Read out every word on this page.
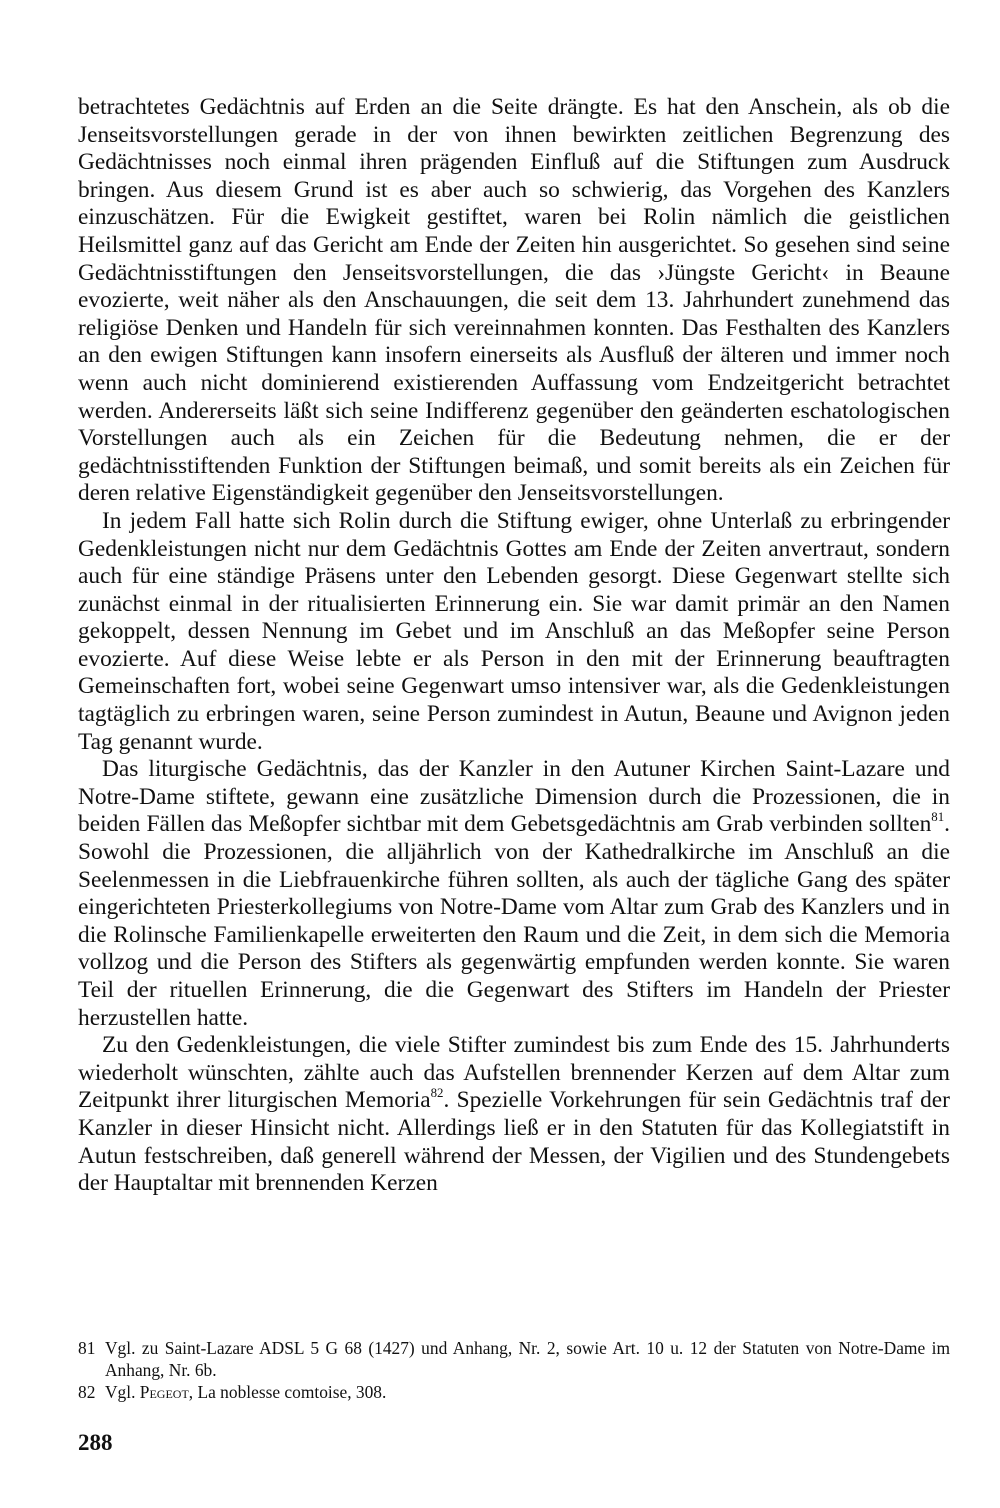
betrachtetes Gedächtnis auf Erden an die Seite drängte. Es hat den Anschein, als ob die Jenseitsvorstellungen gerade in der von ihnen bewirkten zeitlichen Begrenzung des Gedächtnisses noch einmal ihren prägenden Einfluß auf die Stiftungen zum Ausdruck bringen. Aus diesem Grund ist es aber auch so schwierig, das Vorgehen des Kanzlers einzuschätzen. Für die Ewigkeit gestiftet, waren bei Rolin nämlich die geistlichen Heilsmittel ganz auf das Gericht am Ende der Zeiten hin ausgerichtet. So gesehen sind seine Gedächtnisstiftungen den Jenseitsvorstellungen, die das ›Jüngste Gericht‹ in Beaune evozierte, weit näher als den Anschauungen, die seit dem 13. Jahrhundert zunehmend das religiöse Denken und Handeln für sich vereinnahmen konnten. Das Festhalten des Kanzlers an den ewigen Stiftungen kann insofern einerseits als Ausfluß der älteren und immer noch wenn auch nicht dominierend existierenden Auffassung vom Endzeitgericht betrachtet werden. Andererseits läßt sich seine Indifferenz gegenüber den geänderten eschatologischen Vorstellungen auch als ein Zeichen für die Bedeutung nehmen, die er der gedächtnisstiftenden Funktion der Stiftungen beimaß, und somit bereits als ein Zeichen für deren relative Eigenständigkeit gegenüber den Jenseitsvorstellungen.

In jedem Fall hatte sich Rolin durch die Stiftung ewiger, ohne Unterlaß zu erbringender Gedenkleistungen nicht nur dem Gedächtnis Gottes am Ende der Zeiten anvertraut, sondern auch für eine ständige Präsens unter den Lebenden gesorgt. Diese Gegenwart stellte sich zunächst einmal in der ritualisierten Erinnerung ein. Sie war damit primär an den Namen gekoppelt, dessen Nennung im Gebet und im Anschluß an das Meßopfer seine Person evozierte. Auf diese Weise lebte er als Person in den mit der Erinnerung beauftragten Gemeinschaften fort, wobei seine Gegenwart umso intensiver war, als die Gedenkleistungen tagtäglich zu erbringen waren, seine Person zumindest in Autun, Beaune und Avignon jeden Tag genannt wurde.

Das liturgische Gedächtnis, das der Kanzler in den Autuner Kirchen Saint-Lazare und Notre-Dame stiftete, gewann eine zusätzliche Dimension durch die Prozessionen, die in beiden Fällen das Meßopfer sichtbar mit dem Gebetsgedächtnis am Grab verbinden sollten$^{81}$. Sowohl die Prozessionen, die alljährlich von der Kathedralkirche im Anschluß an die Seelenmessen in die Liebfrauenkirche führen sollten, als auch der tägliche Gang des später eingerichteten Priesterkollegiums von Notre-Dame vom Altar zum Grab des Kanzlers und in die Rolinsche Familienkapelle erweiterten den Raum und die Zeit, in dem sich die Memoria vollzog und die Person des Stifters als gegenwärtig empfunden werden konnte. Sie waren Teil der rituellen Erinnerung, die die Gegenwart des Stifters im Handeln der Priester herzustellen hatte.

Zu den Gedenkleistungen, die viele Stifter zumindest bis zum Ende des 15. Jahrhunderts wiederholt wünschten, zählte auch das Aufstellen brennender Kerzen auf dem Altar zum Zeitpunkt ihrer liturgischen Memoria$^{82}$. Spezielle Vorkehrungen für sein Gedächtnis traf der Kanzler in dieser Hinsicht nicht. Allerdings ließ er in den Statuten für das Kollegiatstift in Autun festschreiben, daß generell während der Messen, der Vigilien und des Stundengebets der Hauptaltar mit brennenden Kerzen

81 Vgl. zu Saint-Lazare ADSL 5 G 68 (1427) und Anhang, Nr. 2, sowie Art. 10 u. 12 der Statuten von Notre-Dame im Anhang, Nr. 6b.
82 Vgl. Pegeot, La noblesse comtoise, 308.
288
